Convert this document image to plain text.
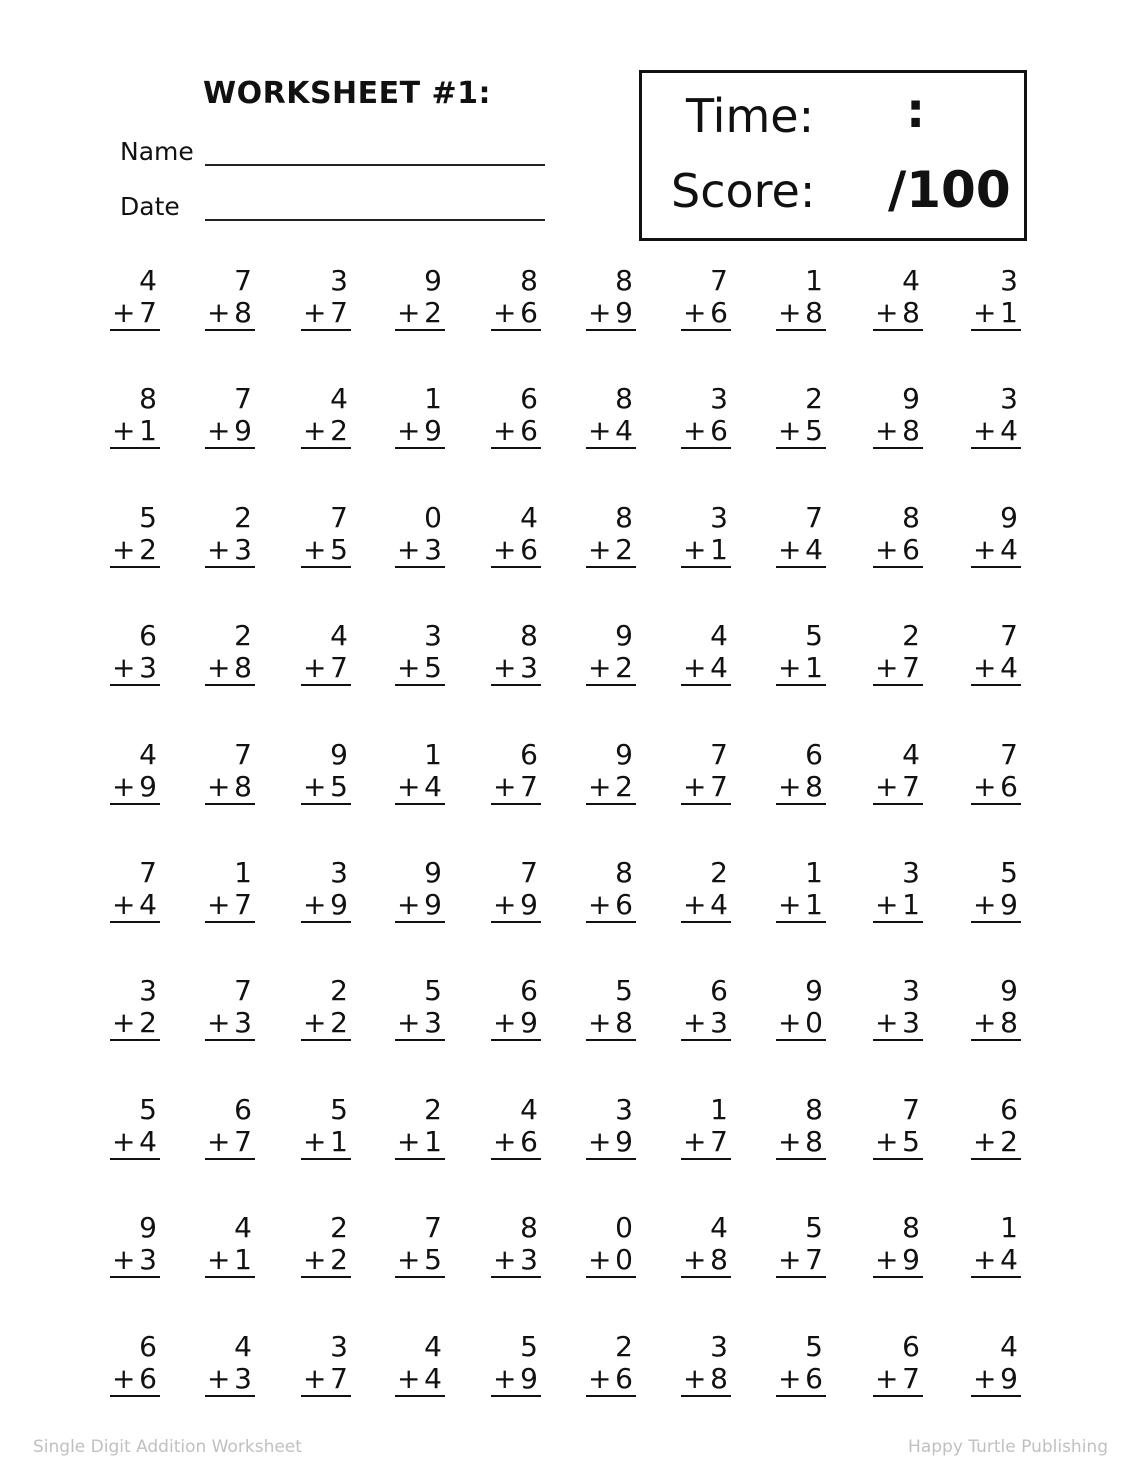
WORKSHEET #1:
Name
Date
Time: :
Score: /100
4
+ 7
7
+ 8
3
+ 7
9
+ 2
8
+ 6
8
+ 9
7
+ 6
1
+ 8
4
+ 8
3
+ 1
8
+ 1
7
+ 9
4
+ 2
1
+ 9
6
+ 6
8
+ 4
3
+ 6
2
+ 5
9
+ 8
3
+ 4
5
+ 2
2
+ 3
7
+ 5
0
+ 3
4
+ 6
8
+ 2
3
+ 1
7
+ 4
8
+ 6
9
+ 4
6
+ 3
2
+ 8
4
+ 7
3
+ 5
8
+ 3
9
+ 2
4
+ 4
5
+ 1
2
+ 7
7
+ 4
4
+ 9
7
+ 8
9
+ 5
1
+ 4
6
+ 7
9
+ 2
7
+ 7
6
+ 8
4
+ 7
7
+ 6
7
+ 4
1
+ 7
3
+ 9
9
+ 9
7
+ 9
8
+ 6
2
+ 4
1
+ 1
3
+ 1
5
+ 9
3
+ 2
7
+ 3
2
+ 2
5
+ 3
6
+ 9
5
+ 8
6
+ 3
9
+ 0
3
+ 3
9
+ 8
5
+ 4
6
+ 7
5
+ 1
2
+ 1
4
+ 6
3
+ 9
1
+ 7
8
+ 8
7
+ 5
6
+ 2
9
+ 3
4
+ 1
2
+ 2
7
+ 5
8
+ 3
0
+ 0
4
+ 8
5
+ 7
8
+ 9
1
+ 4
6
+ 6
4
+ 3
3
+ 7
4
+ 4
5
+ 9
2
+ 6
3
+ 8
5
+ 6
6
+ 7
4
+ 9
Single Digit Addition Worksheet	Happy Turtle Publishing
